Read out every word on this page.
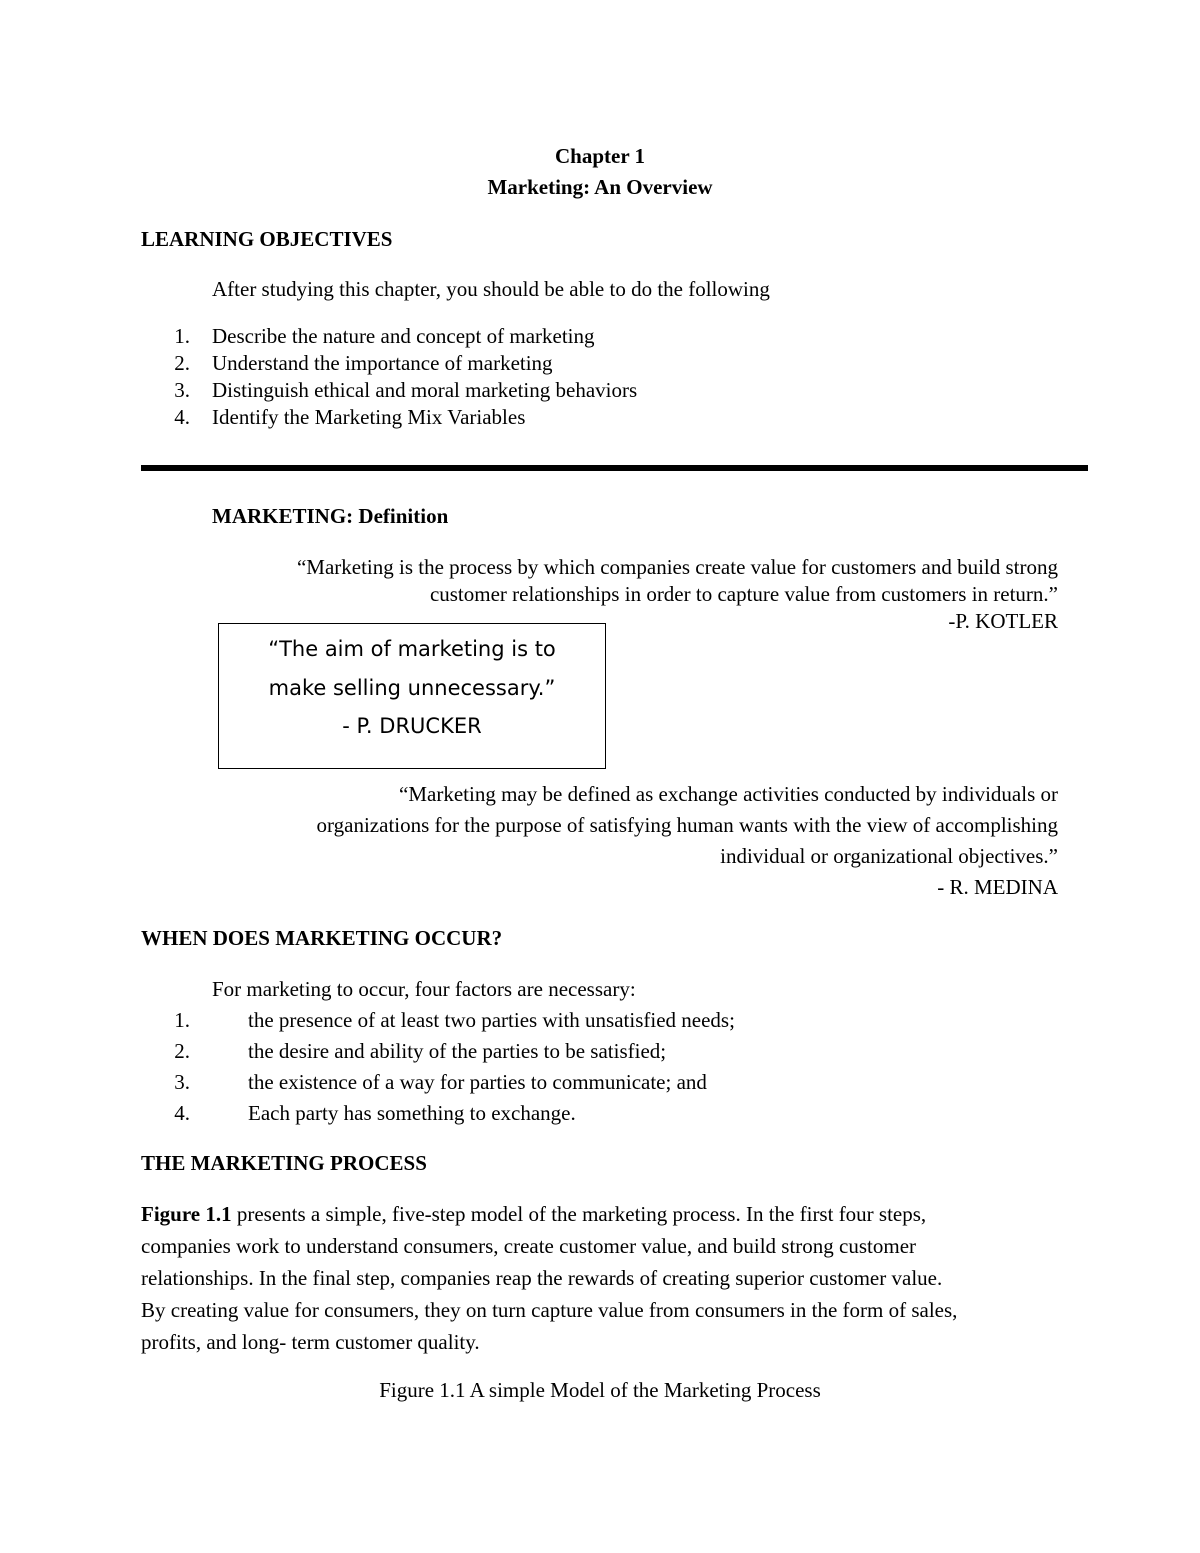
Chapter 1
Marketing: An Overview
LEARNING OBJECTIVES
After studying this chapter, you should be able to do the following
1. Describe the nature and concept of marketing
2. Understand the importance of marketing
3. Distinguish ethical and moral marketing behaviors
4. Identify the Marketing Mix Variables
MARKETING: Definition
“Marketing is the process by which companies create value for customers and build strong
customer relationships in order to capture value from customers in return.”
-P. KOTLER
“The aim of marketing is to
make selling unnecessary.”
- P. DRUCKER
“Marketing may be defined as exchange activities conducted by individuals or
organizations for the purpose of satisfying human wants with the view of accomplishing
individual or organizational objectives.”
- R. MEDINA
WHEN DOES MARKETING OCCUR?
For marketing to occur, four factors are necessary:
1.	the presence of at least two parties with unsatisfied needs;
2.	the desire and ability of the parties to be satisfied;
3.	the existence of a way for parties to communicate; and
4.	Each party has something to exchange.
THE MARKETING PROCESS
Figure 1.1 presents a simple, five-step model of the marketing process. In the first four steps,
companies work to understand consumers, create customer value, and build strong customer
relationships. In the final step, companies reap the rewards of creating superior customer value.
By creating value for consumers, they on turn capture value from consumers in the form of sales,
profits, and long- term customer quality.
Figure 1.1 A simple Model of the Marketing Process
